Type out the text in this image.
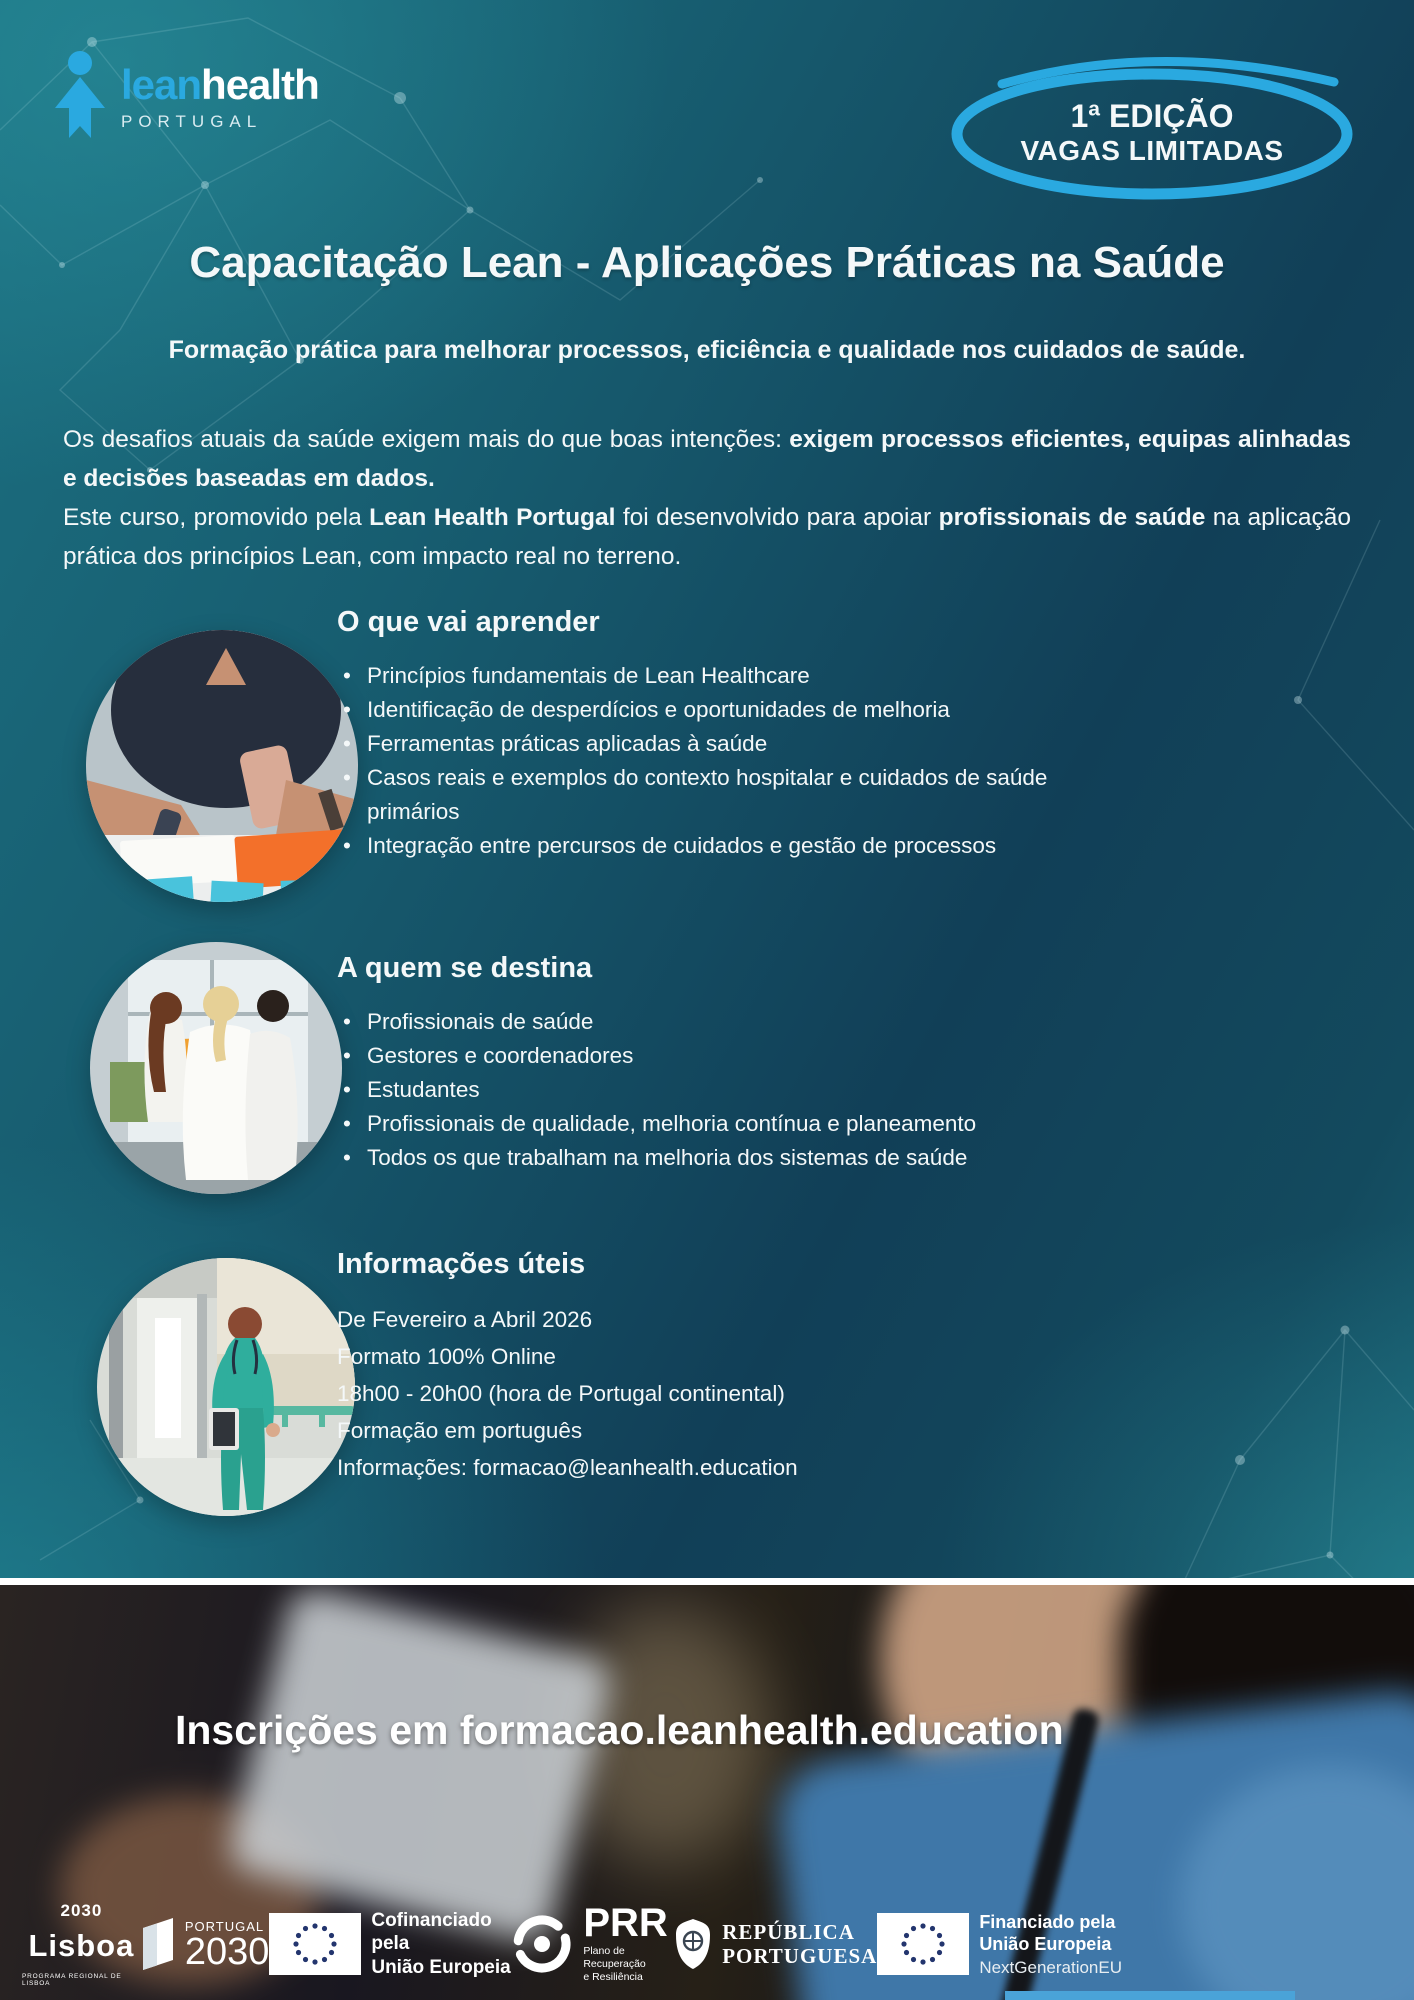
leanhealth
PORTUGAL	1ª EDIÇÃO
VAGAS LIMITADAS
Capacitação Lean - Aplicações Práticas na Saúde
Formação prática para melhorar processos, eficiência e qualidade nos cuidados de saúde.

Os desafios atuais da saúde exigem mais do que boas intenções: exigem processos eficientes, equipas alinhadas e decisões baseadas em dados.
Este curso, promovido pela Lean Health Portugal foi desenvolvido para apoiar profissionais de saúde na aplicação prática dos princípios Lean, com impacto real no terreno.

O que vai aprender
• Princípios fundamentais de Lean Healthcare
• Identificação de desperdícios e oportunidades de melhoria
• Ferramentas práticas aplicadas à saúde
• Casos reais e exemplos do contexto hospitalar e cuidados de saúde primários
• Integração entre percursos de cuidados e gestão de processos
A quem se destina
• Profissionais de saúde
• Gestores e coordenadores
• Estudantes
• Profissionais de qualidade, melhoria contínua e planeamento
• Todos os que trabalham na melhoria dos sistemas de saúde
Informações úteis
De Fevereiro a Abril 2026
Formato 100% Online
18h00 - 20h00 (hora de Portugal continental)
Formação em português
Informações: formacao@leanhealth.education
Inscrições em formacao.leanhealth.education
2030
Lisboa
PROGRAMA REGIONAL DE LISBOA
PORTUGAL
2030
Cofinanciado pela
União Europeia
PRR
Plano de Recuperação
e Resiliência
REPÚBLICA
PORTUGUESA
Financiado pela
União Europeia
NextGenerationEU
